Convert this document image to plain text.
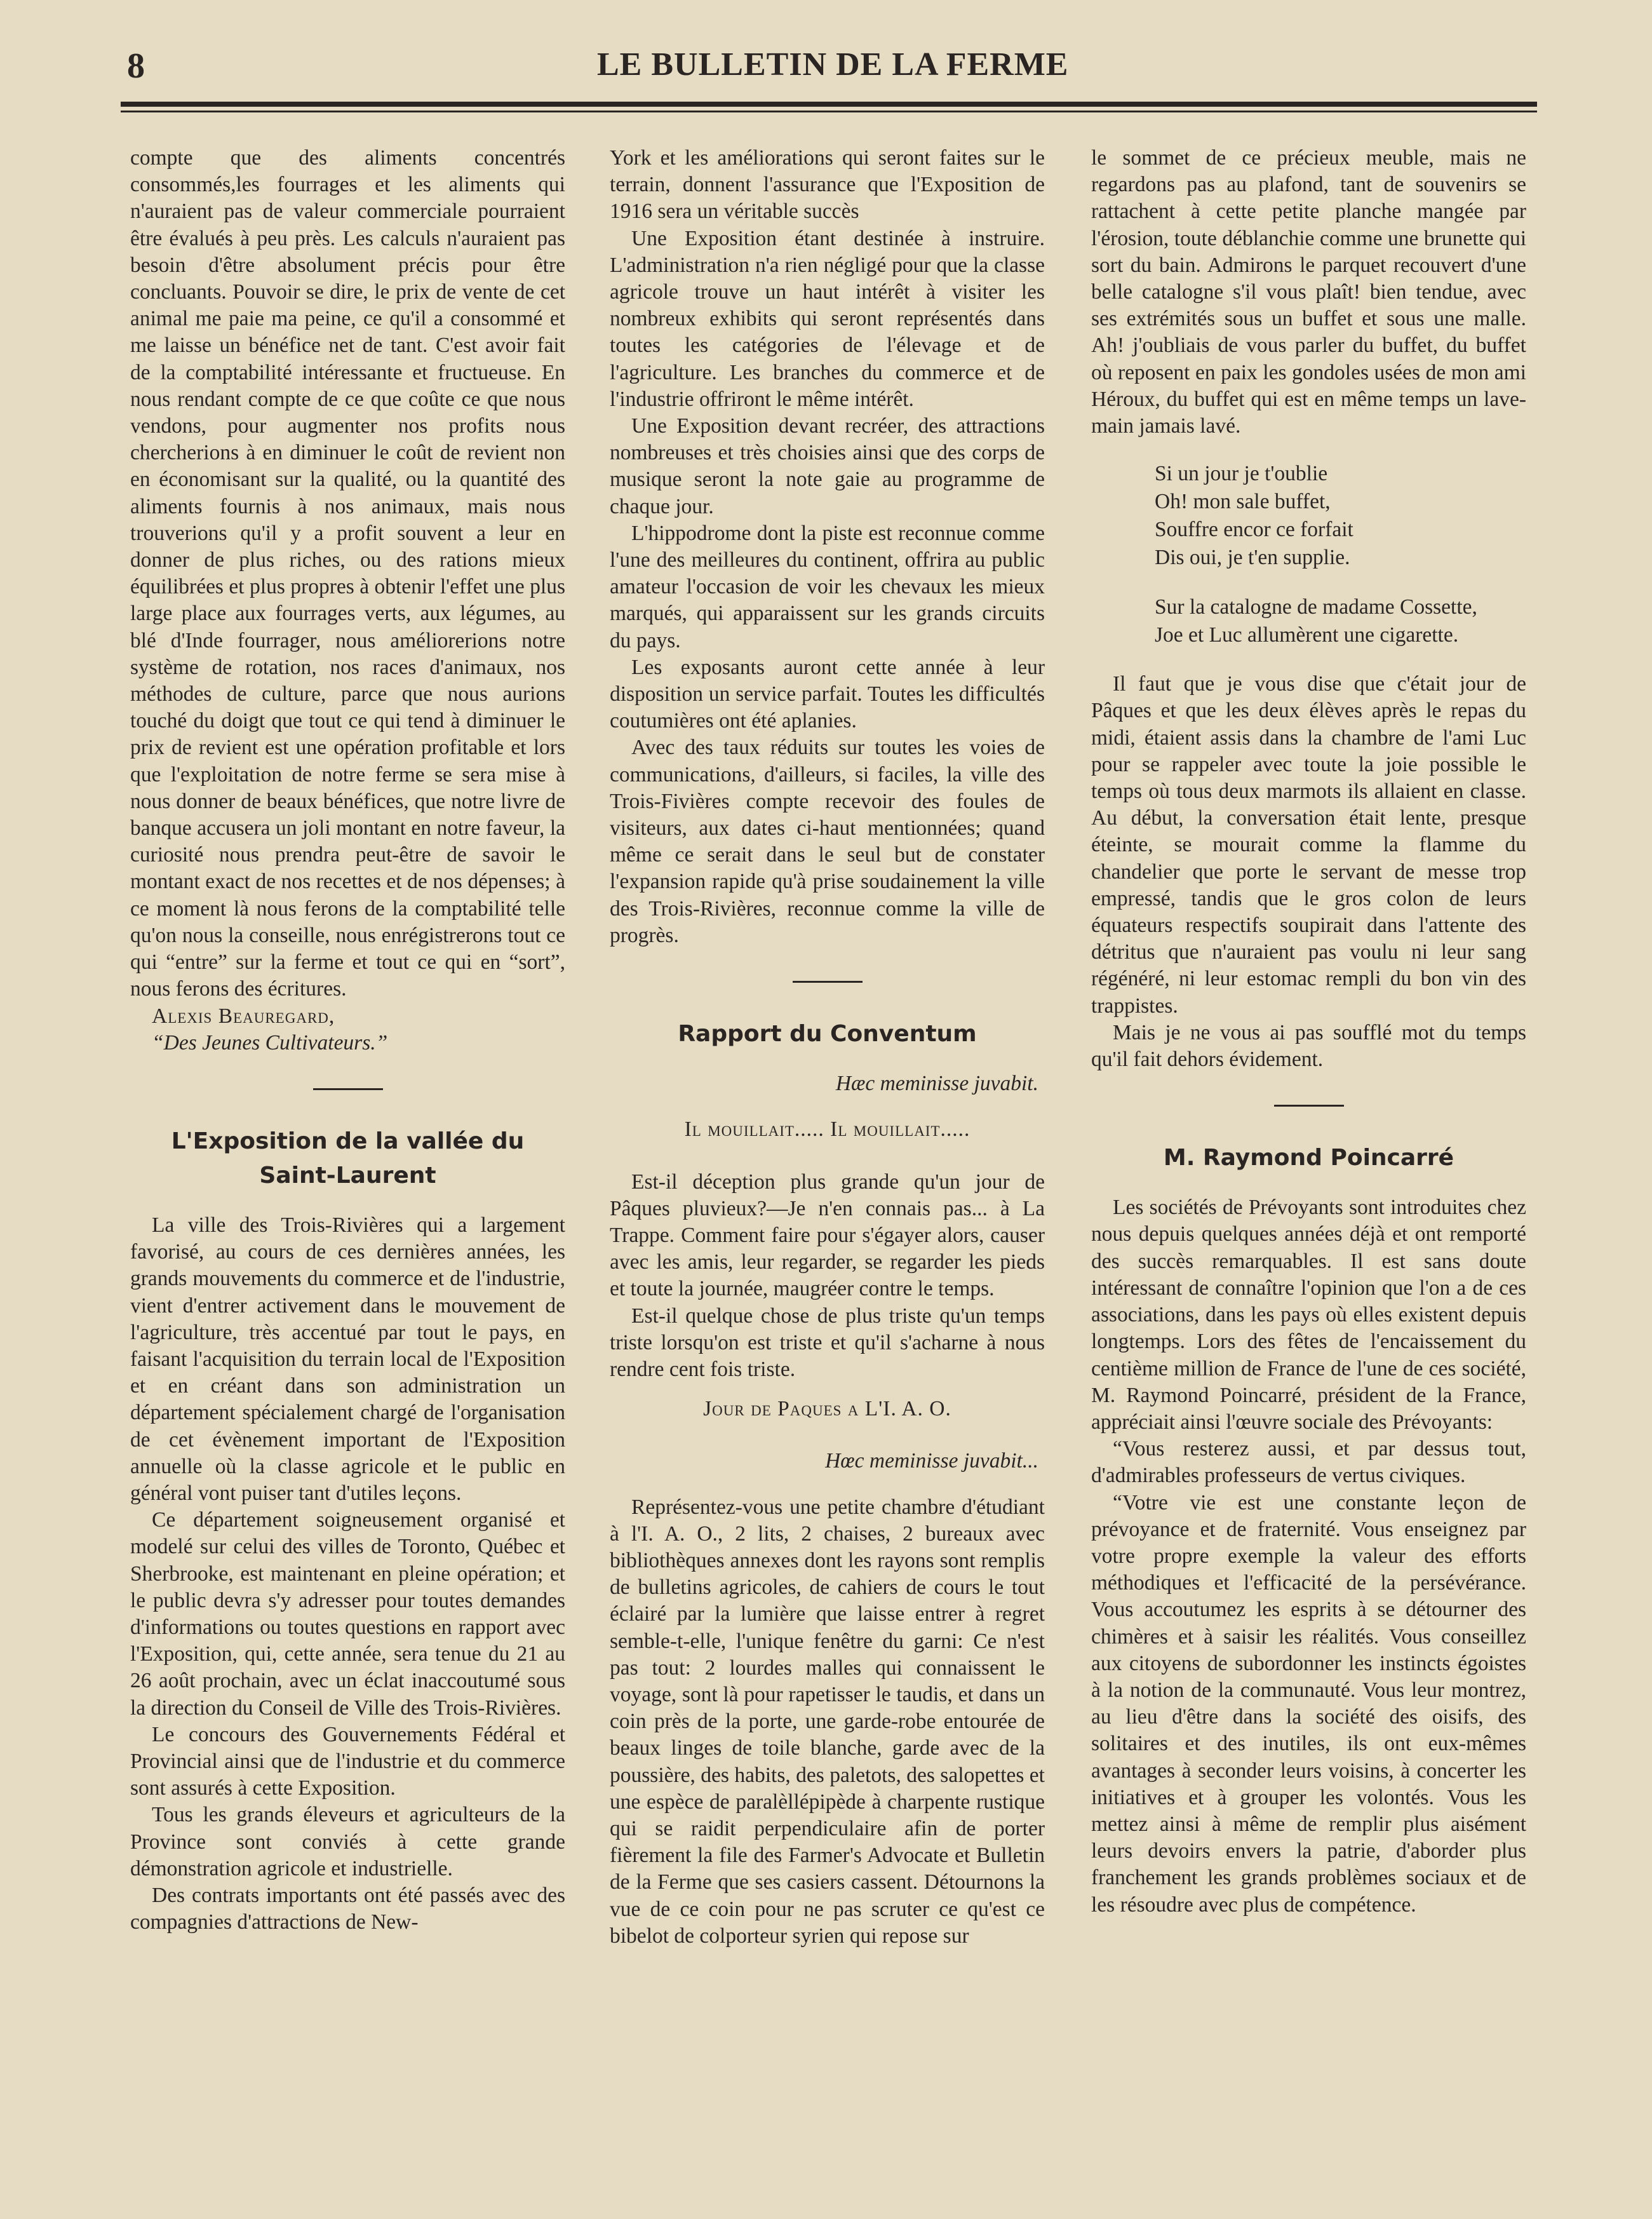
8	LE BULLETIN DE LA FERME

compte que des aliments concentrés consommés,les fourrages et les aliments qui n'auraient pas de valeur commerciale pourraient être évalués à peu près. Les calculs n'auraient pas besoin d'être absolument précis pour être concluants. Pouvoir se dire, le prix de vente de cet animal me paie ma peine, ce qu'il a consommé et me laisse un bénéfice net de tant. C'est avoir fait de la comptabilité intéressante et fructueuse. En nous rendant compte de ce que coûte ce que nous vendons, pour augmenter nos profits nous chercherions à en diminuer le coût de revient non en économisant sur la qualité, ou la quantité des aliments fournis à nos animaux, mais nous trouverions qu'il y a profit souvent a leur en donner de plus riches, ou des rations mieux équilibrées et plus propres à obtenir l'effet une plus large place aux fourrages verts, aux légumes, au blé d'Inde fourrager, nous améliorerions notre système de rotation, nos races d'animaux, nos méthodes de culture, parce que nous aurions touché du doigt que tout ce qui tend à diminuer le prix de revient est une opération profitable et lors que l'exploitation de notre ferme se sera mise à nous donner de beaux bénéfices, que notre livre de banque accusera un joli montant en notre faveur, la curiosité nous prendra peut-être de savoir le montant exact de nos recettes et de nos dépenses; à ce moment là nous ferons de la comptabilité telle qu'on nous la conseille, nous enrégistrerons tout ce qui “entre” sur la ferme et tout ce qui en “sort”, nous ferons des écritures.

Alexis Beauregard,

“Des Jeunes Cultivateurs.”

L'Exposition de la vallée du Saint-Laurent

La ville des Trois-Rivières qui a largement favorisé, au cours de ces dernières années, les grands mouvements du commerce et de l'industrie, vient d'entrer activement dans le mouvement de l'agriculture, très accentué par tout le pays, en faisant l'acquisition du terrain local de l'Exposition et en créant dans son administration un département spécialement chargé de l'organisation de cet évènement important de l'Exposition annuelle où la classe agricole et le public en général vont puiser tant d'utiles leçons.

Ce département soigneusement organisé et modelé sur celui des villes de Toronto, Québec et Sherbrooke, est maintenant en pleine opération; et le public devra s'y adresser pour toutes demandes d'informations ou toutes questions en rapport avec l'Exposition, qui, cette année, sera tenue du 21 au 26 août prochain, avec un éclat inaccoutumé sous la direction du Conseil de Ville des Trois-Rivières.

Le concours des Gouvernements Fédéral et Provincial ainsi que de l'industrie et du commerce sont assurés à cette Exposition.

Tous les grands éleveurs et agriculteurs de la Province sont conviés à cette grande démonstration agricole et industrielle.

Des contrats importants ont été passés avec des compagnies d'attractions de New-

York et les améliorations qui seront faites sur le terrain, donnent l'assurance que l'Exposition de 1916 sera un véritable succès

Une Exposition étant destinée à instruire. L'administration n'a rien négligé pour que la classe agricole trouve un haut intérêt à visiter les nombreux exhibits qui seront représentés dans toutes les catégories de l'élevage et de l'agriculture. Les branches du commerce et de l'industrie offriront le même intérêt.

Une Exposition devant recréer, des attractions nombreuses et très choisies ainsi que des corps de musique seront la note gaie au programme de chaque jour.

L'hippodrome dont la piste est reconnue comme l'une des meilleures du continent, offrira au public amateur l'occasion de voir les chevaux les mieux marqués, qui apparaissent sur les grands circuits du pays.

Les exposants auront cette année à leur disposition un service parfait. Toutes les difficultés coutumières ont été aplanies.

Avec des taux réduits sur toutes les voies de communications, d'ailleurs, si faciles, la ville des Trois-Fivières compte recevoir des foules de visiteurs, aux dates ci-haut mentionnées; quand même ce serait dans le seul but de constater l'expansion rapide qu'à prise soudainement la ville des Trois-Rivières, reconnue comme la ville de progrès.

Rapport du Conventum
Hæc meminisse juvabit.
Il mouillait..... Il mouillait.....

Est-il déception plus grande qu'un jour de Pâques pluvieux?—Je n'en connais pas... à La Trappe. Comment faire pour s'égayer alors, causer avec les amis, leur regarder, se regarder les pieds et toute la journée, maugréer contre le temps.

Est-il quelque chose de plus triste qu'un temps triste lorsqu'on est triste et qu'il s'acharne à nous rendre cent fois triste.

Jour de Paques a L'I. A. O.
Hœc meminisse juvabit...

Représentez-vous une petite chambre d'étudiant à l'I. A. O., 2 lits, 2 chaises, 2 bureaux avec bibliothèques annexes dont les rayons sont remplis de bulletins agricoles, de cahiers de cours le tout éclairé par la lumière que laisse entrer à regret semble-t-elle, l'unique fenêtre du garni: Ce n'est pas tout: 2 lourdes malles qui connaissent le voyage, sont là pour rapetisser le taudis, et dans un coin près de la porte, une garde-robe entourée de beaux linges de toile blanche, garde avec de la poussière, des habits, des paletots, des salopettes et une espèce de paralèllépipède à charpente rustique qui se raidit perpendiculaire afin de porter fièrement la file des Farmer's Advocate et Bulletin de la Ferme que ses casiers cassent. Détournons la vue de ce coin pour ne pas scruter ce qu'est ce bibelot de colporteur syrien qui repose sur

le sommet de ce précieux meuble, mais ne regardons pas au plafond, tant de souvenirs se rattachent à cette petite planche mangée par l'érosion, toute déblanchie comme une brunette qui sort du bain. Admirons le parquet recouvert d'une belle catalogne s'il vous plaît! bien tendue, avec ses extrémités sous un buffet et sous une malle. Ah! j'oubliais de vous parler du buffet, du buffet où reposent en paix les gondoles usées de mon ami Héroux, du buffet qui est en même temps un lave-main jamais lavé.

Si un jour je t'oublie
Oh! mon sale buffet,
Souffre encor ce forfait
Dis oui, je t'en supplie.
Sur la catalogne de madame Cossette,
Joe et Luc allumèrent une cigarette.

Il faut que je vous dise que c'était jour de Pâques et que les deux élèves après le repas du midi, étaient assis dans la chambre de l'ami Luc pour se rappeler avec toute la joie possible le temps où tous deux marmots ils allaient en classe. Au début, la conversation était lente, presque éteinte, se mourait comme la flamme du chandelier que porte le servant de messe trop empressé, tandis que le gros colon de leurs équateurs respectifs soupirait dans l'attente des détritus que n'auraient pas voulu ni leur sang régénéré, ni leur estomac rempli du bon vin des trappistes.

Mais je ne vous ai pas soufflé mot du temps qu'il fait dehors évidement.

M. Raymond Poincarré

Les sociétés de Prévoyants sont introduites chez nous depuis quelques années déjà et ont remporté des succès remarquables. Il est sans doute intéressant de connaître l'opinion que l'on a de ces associations, dans les pays où elles existent depuis longtemps. Lors des fêtes de l'encaissement du centième million de France de l'une de ces société, M. Raymond Poincarré, président de la France, appréciait ainsi l'œuvre sociale des Prévoyants:

“Vous resterez aussi, et par dessus tout, d'admirables professeurs de vertus civiques.

“Votre vie est une constante leçon de prévoyance et de fraternité. Vous enseignez par votre propre exemple la valeur des efforts méthodiques et l'efficacité de la persévérance. Vous accoutumez les esprits à se détourner des chimères et à saisir les réalités. Vous conseillez aux citoyens de subordonner les instincts égoistes à la notion de la communauté. Vous leur montrez, au lieu d'être dans la société des oisifs, des solitaires et des inutiles, ils ont eux-mêmes avantages à seconder leurs voisins, à concerter les initiatives et à grouper les volontés. Vous les mettez ainsi à même de remplir plus aisément leurs devoirs envers la patrie, d'aborder plus franchement les grands problèmes sociaux et de les résoudre avec plus de compétence.
